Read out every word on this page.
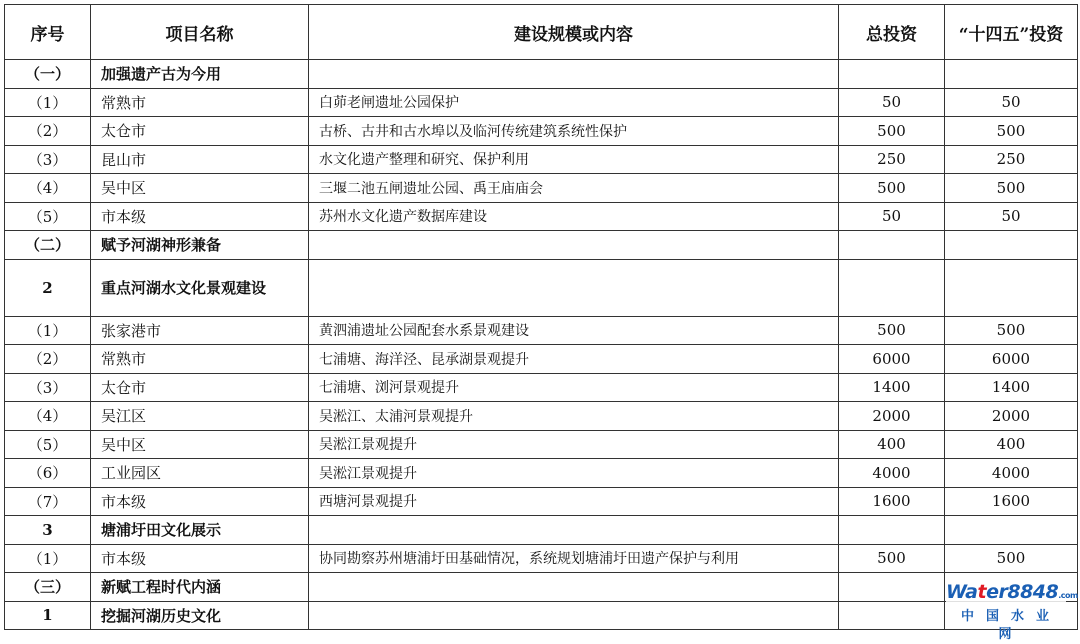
序号	项目名称	建设规模或内容	总投资	“十四五”投资
（一）	加强遗产古为今用			
（1）	常熟市	白茆老闸遗址公园保护	50	50
（2）	太仓市	古桥、古井和古水埠以及临河传统建筑系统性保护	500	500
（3）	昆山市	水文化遗产整理和研究、保护利用	250	250
（4）	吴中区	三堰二池五闸遗址公园、禹王庙庙会	500	500
（5）	市本级	苏州水文化遗产数据库建设	50	50
（二）	赋予河湖神形兼备			
2	重点河湖水文化景观建设			
（1）	张家港市	黄泗浦遗址公园配套水系景观建设	500	500
（2）	常熟市	七浦塘、海洋泾、昆承湖景观提升	6000	6000
（3）	太仓市	七浦塘、浏河景观提升	1400	1400
（4）	吴江区	吴淞江、太浦河景观提升	2000	2000
（5）	吴中区	吴淞江景观提升	400	400
（6）	工业园区	吴淞江景观提升	4000	4000
（7）	市本级	西塘河景观提升	1600	1600
3	塘浦圩田文化展示			
（1）	市本级	协同勘察苏州塘浦圩田基础情况，系统规划塘浦圩田遗产保护与利用	500	500
（三）	新赋工程时代内涵			
1	挖掘河湖历史文化			
Water8848.com
中国水业网
